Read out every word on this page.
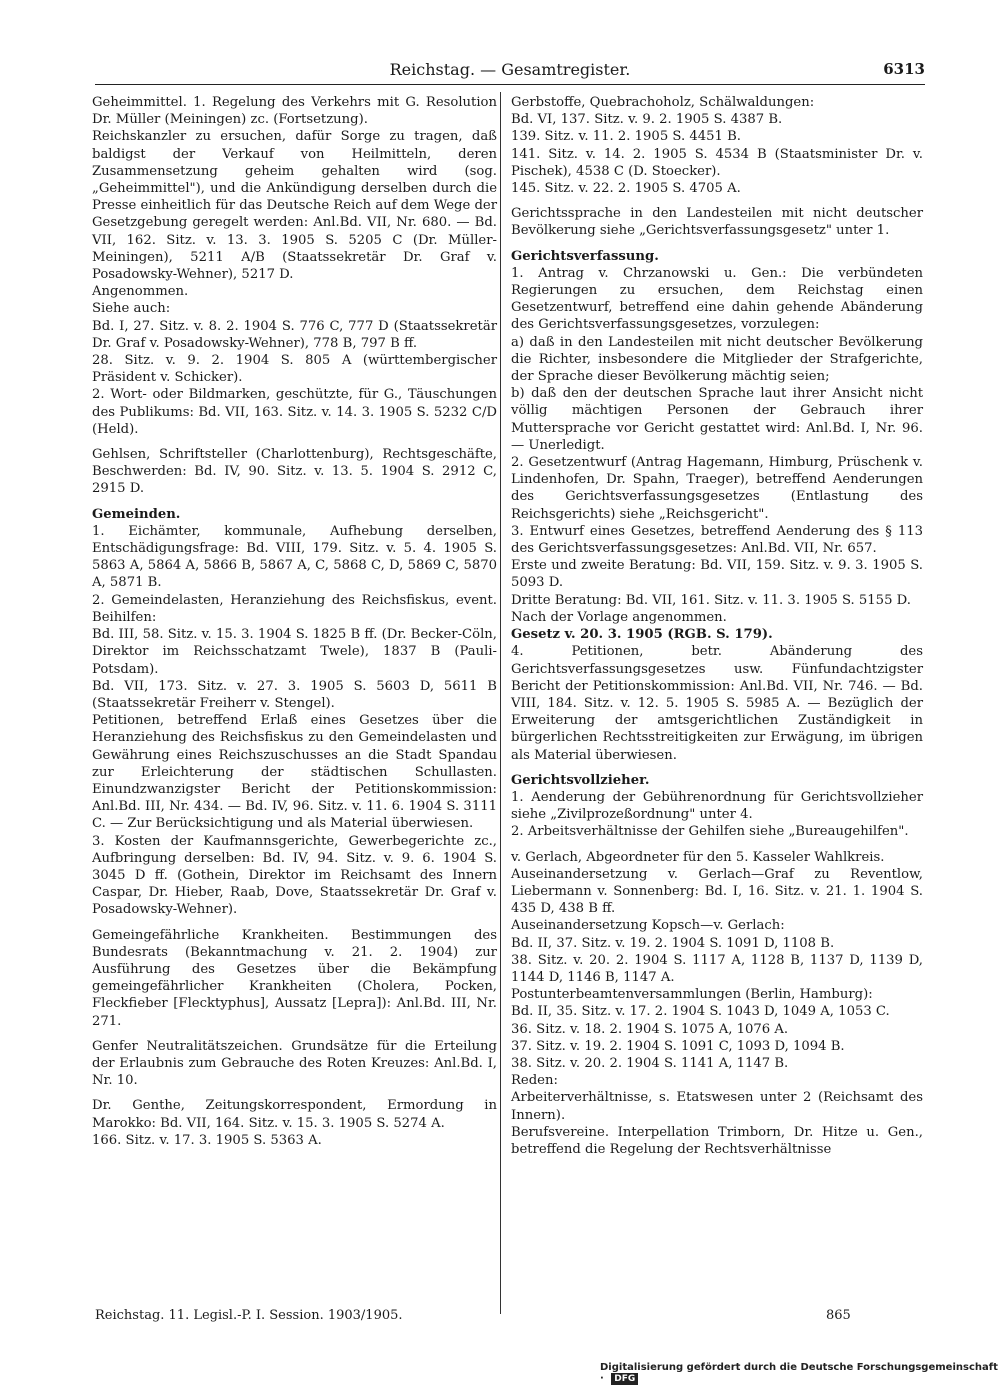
Reichstag. — Gesamtregister.	6313

Geheimmittel. 1. Regelung des Verkehrs mit G. Resolution Dr. Müller (Meiningen) zc. (Fortsetzung).

Reichskanzler zu ersuchen, dafür Sorge zu tragen, daß baldigst der Verkauf von Heilmitteln, deren Zusammensetzung geheim gehalten wird (sog. „Geheimmittel"), und die Ankündigung derselben durch die Presse einheitlich für das Deutsche Reich auf dem Wege der Gesetzgebung geregelt werden: Anl.Bd. VII, Nr. 680. — Bd. VII, 162. Sitz. v. 13. 3. 1905 S. 5205 C (Dr. Müller-Meiningen), 5211 A/B (Staatssekretär Dr. Graf v. Posadowsky-Wehner), 5217 D.

Angenommen.

Siehe auch:

Bd. I, 27. Sitz. v. 8. 2. 1904 S. 776 C, 777 D (Staatssekretär Dr. Graf v. Posadowsky-Wehner), 778 B, 797 B ff.

28. Sitz. v. 9. 2. 1904 S. 805 A (württembergischer Präsident v. Schicker).

2. Wort- oder Bildmarken, geschützte, für G., Täuschungen des Publikums: Bd. VII, 163. Sitz. v. 14. 3. 1905 S. 5232 C/D (Held).

Gehlsen, Schriftsteller (Charlottenburg), Rechtsgeschäfte, Beschwerden: Bd. IV, 90. Sitz. v. 13. 5. 1904 S. 2912 C, 2915 D.

Gemeinden.

1. Eichämter, kommunale, Aufhebung derselben, Entschädigungsfrage: Bd. VIII, 179. Sitz. v. 5. 4. 1905 S. 5863 A, 5864 A, 5866 B, 5867 A, C, 5868 C, D, 5869 C, 5870 A, 5871 B.

2. Gemeindelasten, Heranziehung des Reichsfiskus, event. Beihilfen:

Bd. III, 58. Sitz. v. 15. 3. 1904 S. 1825 B ff. (Dr. Becker-Cöln, Direktor im Reichsschatzamt Twele), 1837 B (Pauli-Potsdam).

Bd. VII, 173. Sitz. v. 27. 3. 1905 S. 5603 D, 5611 B (Staatssekretär Freiherr v. Stengel).

Petitionen, betreffend Erlaß eines Gesetzes über die Heranziehung des Reichsfiskus zu den Gemeindelasten und Gewährung eines Reichszuschusses an die Stadt Spandau zur Erleichterung der städtischen Schullasten. Einundzwanzigster Bericht der Petitionskommission: Anl.Bd. III, Nr. 434. — Bd. IV, 96. Sitz. v. 11. 6. 1904 S. 3111 C. — Zur Berücksichtigung und als Material überwiesen.

3. Kosten der Kaufmannsgerichte, Gewerbegerichte zc., Aufbringung derselben: Bd. IV, 94. Sitz. v. 9. 6. 1904 S. 3045 D ff. (Gothein, Direktor im Reichsamt des Innern Caspar, Dr. Hieber, Raab, Dove, Staatssekretär Dr. Graf v. Posadowsky-Wehner).

Gemeingefährliche Krankheiten. Bestimmungen des Bundesrats (Bekanntmachung v. 21. 2. 1904) zur Ausführung des Gesetzes über die Bekämpfung gemeingefährlicher Krankheiten (Cholera, Pocken, Fleckfieber [Flecktyphus], Aussatz [Lepra]): Anl.Bd. III, Nr. 271.

Genfer Neutralitätszeichen. Grundsätze für die Erteilung der Erlaubnis zum Gebrauche des Roten Kreuzes: Anl.Bd. I, Nr. 10.

Dr. Genthe, Zeitungskorrespondent, Ermordung in Marokko: Bd. VII, 164. Sitz. v. 15. 3. 1905 S. 5274 A.

166. Sitz. v. 17. 3. 1905 S. 5363 A.

Gerbstoffe, Quebrachoholz, Schälwaldungen:

Bd. VI, 137. Sitz. v. 9. 2. 1905 S. 4387 B.

139. Sitz. v. 11. 2. 1905 S. 4451 B.

141. Sitz. v. 14. 2. 1905 S. 4534 B (Staatsminister Dr. v. Pischek), 4538 C (D. Stoecker).

145. Sitz. v. 22. 2. 1905 S. 4705 A.

Gerichtssprache in den Landesteilen mit nicht deutscher Bevölkerung siehe „Gerichtsverfassungsgesetz" unter 1.

Gerichtsverfassung.

1. Antrag v. Chrzanowski u. Gen.: Die verbündeten Regierungen zu ersuchen, dem Reichstag einen Gesetzentwurf, betreffend eine dahin gehende Abänderung des Gerichtsverfassungsgesetzes, vorzulegen:

a) daß in den Landesteilen mit nicht deutscher Bevölkerung die Richter, insbesondere die Mitglieder der Strafgerichte, der Sprache dieser Bevölkerung mächtig seien;

b) daß den der deutschen Sprache laut ihrer Ansicht nicht völlig mächtigen Personen der Gebrauch ihrer Muttersprache vor Gericht gestattet wird: Anl.Bd. I, Nr. 96. — Unerledigt.

2. Gesetzentwurf (Antrag Hagemann, Himburg, Prüschenk v. Lindenhofen, Dr. Spahn, Traeger), betreffend Aenderungen des Gerichtsverfassungsgesetzes (Entlastung des Reichsgerichts) siehe „Reichsgericht".

3. Entwurf eines Gesetzes, betreffend Aenderung des § 113 des Gerichtsverfassungsgesetzes: Anl.Bd. VII, Nr. 657.

Erste und zweite Beratung: Bd. VII, 159. Sitz. v. 9. 3. 1905 S. 5093 D.

Dritte Beratung: Bd. VII, 161. Sitz. v. 11. 3. 1905 S. 5155 D.

Nach der Vorlage angenommen.

Gesetz v. 20. 3. 1905 (RGB. S. 179).

4. Petitionen, betr. Abänderung des Gerichtsverfassungsgesetzes usw. Fünfundachtzigster Bericht der Petitionskommission: Anl.Bd. VII, Nr. 746. — Bd. VIII, 184. Sitz. v. 12. 5. 1905 S. 5985 A. — Bezüglich der Erweiterung der amtsgerichtlichen Zuständigkeit in bürgerlichen Rechtsstreitigkeiten zur Erwägung, im übrigen als Material überwiesen.

Gerichtsvollzieher.

1. Aenderung der Gebührenordnung für Gerichtsvollzieher siehe „Zivilprozeßordnung" unter 4.

2. Arbeitsverhältnisse der Gehilfen siehe „Bureaugehilfen".

v. Gerlach, Abgeordneter für den 5. Kasseler Wahlkreis.

Auseinandersetzung v. Gerlach—Graf zu Reventlow, Liebermann v. Sonnenberg: Bd. I, 16. Sitz. v. 21. 1. 1904 S. 435 D, 438 B ff.

Auseinandersetzung Kopsch—v. Gerlach:

Bd. II, 37. Sitz. v. 19. 2. 1904 S. 1091 D, 1108 B.

38. Sitz. v. 20. 2. 1904 S. 1117 A, 1128 B, 1137 D, 1139 D, 1144 D, 1146 B, 1147 A.

Postunterbeamtenversammlungen (Berlin, Hamburg):

Bd. II, 35. Sitz. v. 17. 2. 1904 S. 1043 D, 1049 A, 1053 C.

36. Sitz. v. 18. 2. 1904 S. 1075 A, 1076 A.

37. Sitz. v. 19. 2. 1904 S. 1091 C, 1093 D, 1094 B.

38. Sitz. v. 20. 2. 1904 S. 1141 A, 1147 B.

Reden:

Arbeiterverhältnisse, s. Etatswesen unter 2 (Reichsamt des Innern).

Berufsvereine. Interpellation Trimborn, Dr. Hitze u. Gen., betreffend die Regelung der Rechtsverhältnisse

Reichstag. 11. Legisl.-P. I. Session. 1903/1905.	865
Digitalisierung gefördert durch die Deutsche Forschungsgemeinschaft · DFG
